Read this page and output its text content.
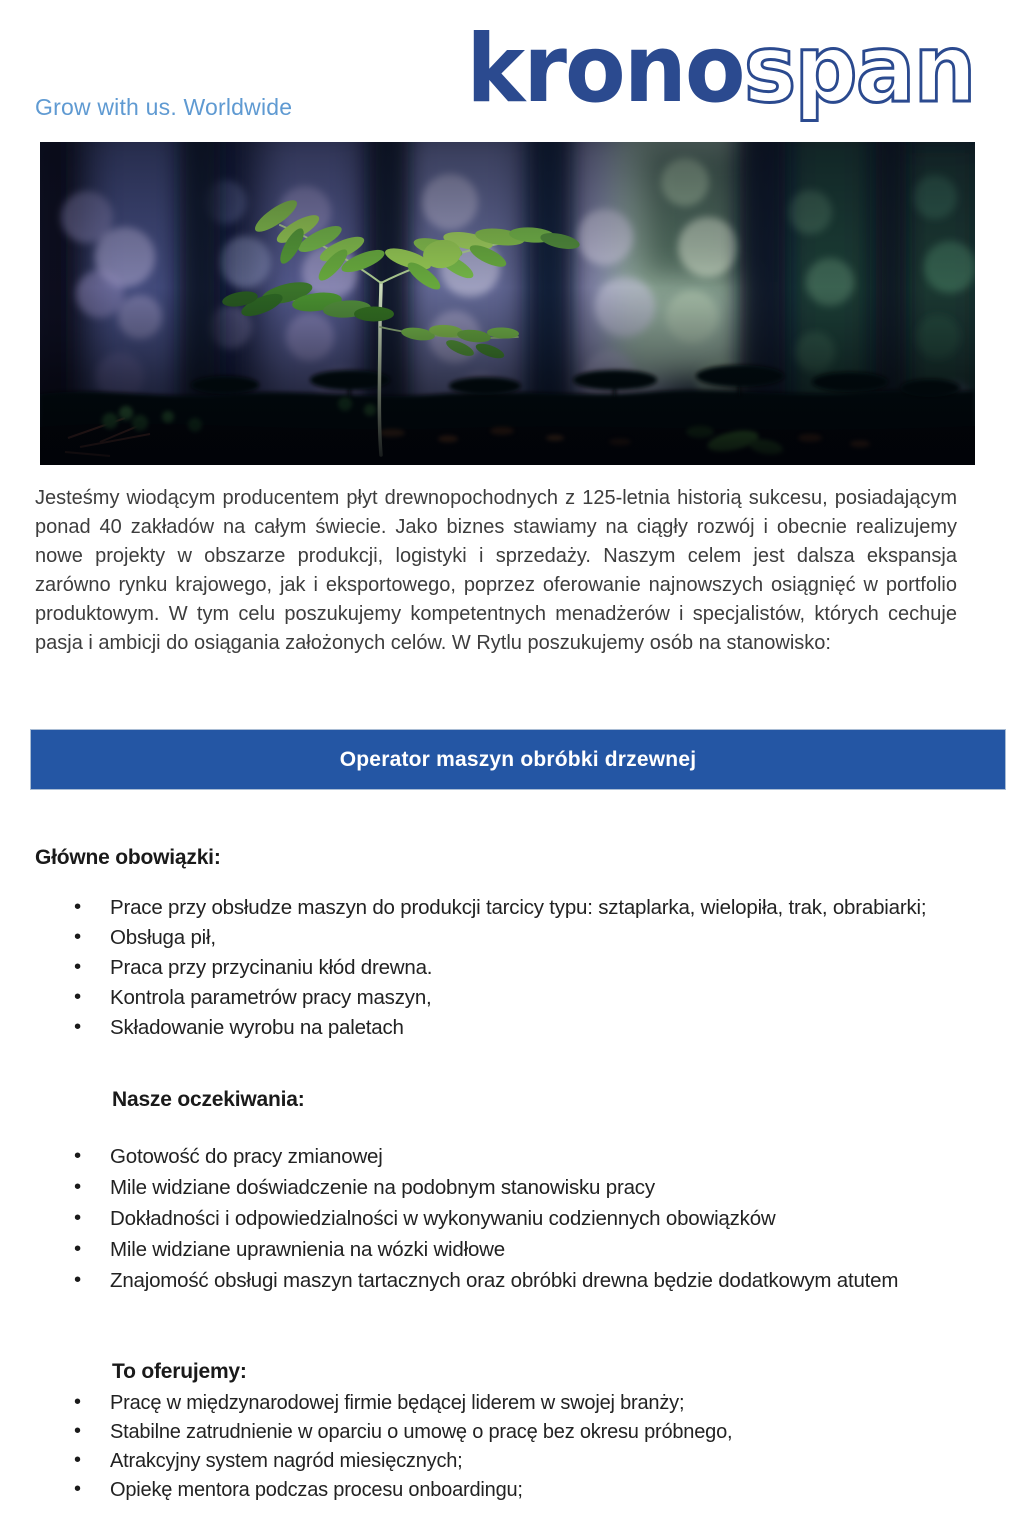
Grow with us. Worldwide kronospan

Jesteśmy wiodącym producentem płyt drewnopochodnych z 125-letnia historią sukcesu, posiadającym ponad 40 zakładów na całym świecie. Jako biznes stawiamy na ciągły rozwój i obecnie realizujemy nowe projekty w obszarze produkcji, logistyki i sprzedaży. Naszym celem jest dalsza ekspansja zarówno rynku krajowego, jak i eksportowego, poprzez oferowanie najnowszych osiągnięć w portfolio produktowym. W tym celu poszukujemy kompetentnych menadżerów i specjalistów, których cechuje pasja i ambicji do osiągania założonych celów. W Rytlu poszukujemy osób na stanowisko:

Operator maszyn obróbki drzewnej
Główne obowiązki:
• Prace przy obsłudze maszyn do produkcji tarcicy typu: sztaplarka, wielopiła, trak, obrabiarki;
• Obsługa pił,
• Praca przy przycinaniu kłód drewna.
• Kontrola parametrów pracy maszyn,
• Składowanie wyrobu na paletach
Nasze oczekiwania:
• Gotowość do pracy zmianowej
• Mile widziane doświadczenie na podobnym stanowisku pracy
• Dokładności i odpowiedzialności w wykonywaniu codziennych obowiązków
• Mile widziane uprawnienia na wózki widłowe
• Znajomość obsługi maszyn tartacznych oraz obróbki drewna będzie dodatkowym atutem
To oferujemy:
• Pracę w międzynarodowej firmie będącej liderem w swojej branży;
• Stabilne zatrudnienie w oparciu o umowę o pracę bez okresu próbnego,
• Atrakcyjny system nagród miesięcznych;
• Opiekę mentora podczas procesu onboardingu;
